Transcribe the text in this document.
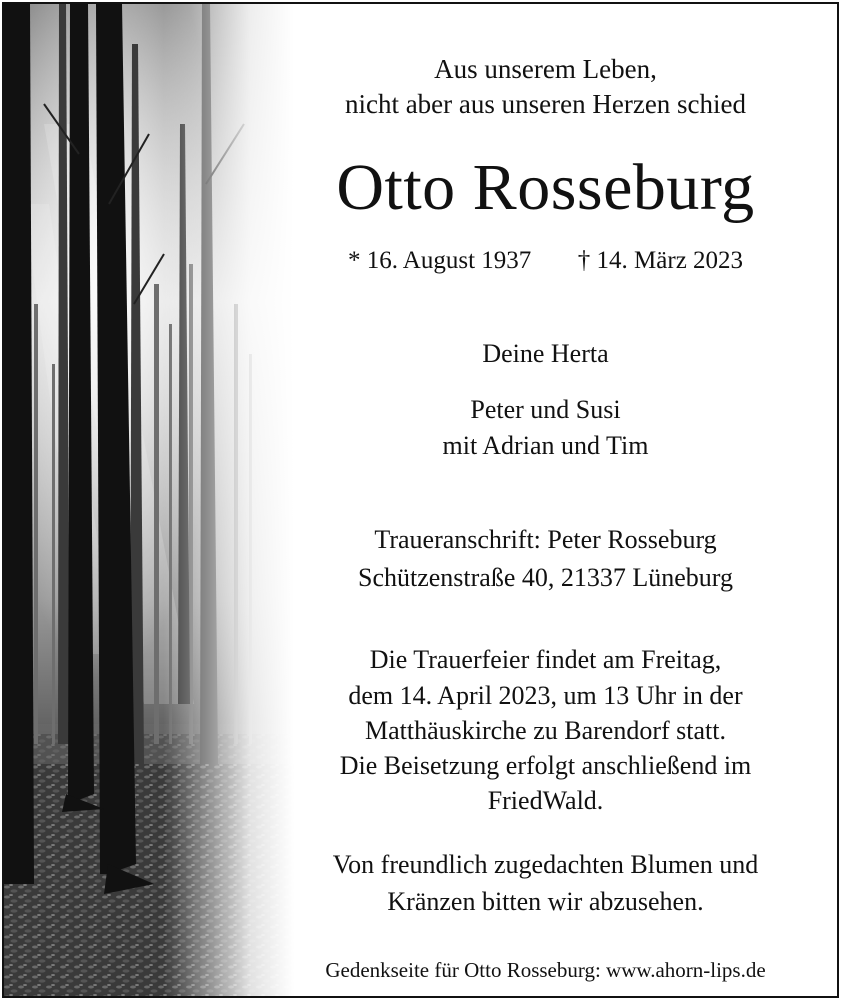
Aus unserem Leben,
nicht aber aus unseren Herzen schied
Otto Rosseburg
* 16. August 1937 † 14. März 2023
Deine Herta
Peter und Susi
mit Adrian und Tim
Traueranschrift: Peter Rosseburg
Schützenstraße 40, 21337 Lüneburg
Die Trauerfeier findet am Freitag,
dem 14. April 2023, um 13 Uhr in der
Matthäuskirche zu Barendorf statt.
Die Beisetzung erfolgt anschließend im
FriedWald.
Von freundlich zugedachten Blumen und
Kränzen bitten wir abzusehen.
Gedenkseite für Otto Rosseburg: www.ahorn-lips.de
